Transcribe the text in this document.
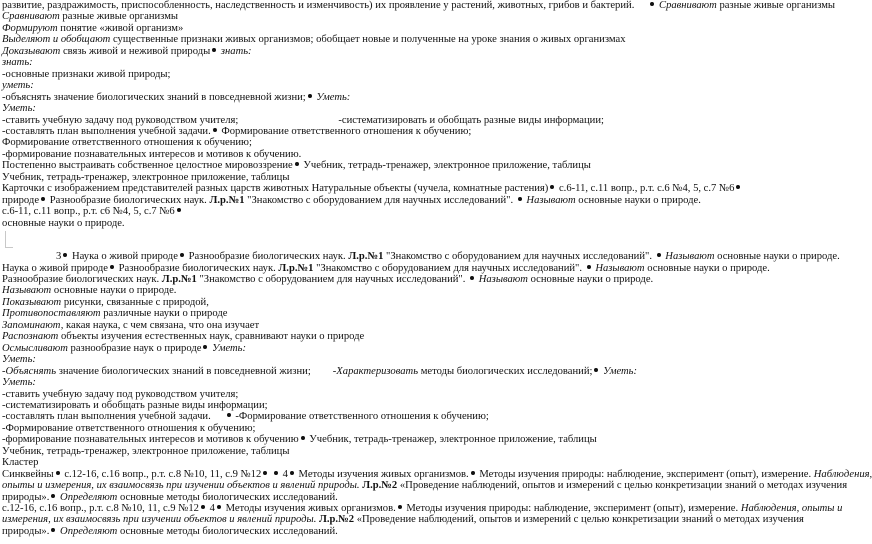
развитие, раздражимость, приспособленность, наследственность и изменчивость) их проявление у растений, животных, грибов и бактерий. Сравнивают разные живые организмы
Сравнивают разные живые организмы
Формируют понятие «живой организм»
Выделяют и обобщают существенные признаки живых организмов; обобщает новые и полученные на уроке знания о живых организмах
Доказывают связь живой и неживой природы знать:
знать:
-основные признаки живой природы;
уметь:
-объяснять значение биологических знаний в повседневной жизни; Уметь:
Уметь:
-ставить учебную задачу под руководством учителя;	-систематизировать и обобщать разные виды информации;
-составлять план выполнения учебной задачи. Формирование ответственного отношения к обучению;
Формирование ответственного отношения к обучению;
-формирование познавательных интересов и мотивов к обучению.
Постепенно выстраивать собственное целостное мировоззрение Учебник, тетрадь-тренажер, электронное приложение, таблицы
Учебник, тетрадь-тренажер, электронное приложение, таблицы
Карточки с изображением представителей разных царств животных Натуральные объекты (чучела, комнатные растения) с.6-11, с.11 вопр., р.т. с.6 №4, 5, с.7 №6
природе Разнообразие биологических наук. Л.р.№1 "Знакомство с оборудованием для научных исследований". Называют основные науки о природе.
с.6-11, с.11 вопр., р.т. с6 №4, 5, с.7 №6
основные науки о природе.
3 Наука о живой природе Разнообразие биологических наук. Л.р.№1 "Знакомство с оборудованием для научных исследований". Называют основные науки о природе.
Наука о живой природе Разнообразие биологических наук. Л.р.№1 "Знакомство с оборудованием для научных исследований". Называют основные науки о природе.
Разнообразие биологических наук. Л.р.№1 "Знакомство с оборудованием для научных исследований". Называют основные науки о природе.
Называют основные науки о природе.
Показывают рисунки, связанные с природой,
Противопоставляют различные науки о природе
Запоминают, какая наука, с чем связана, что она изучает
Распознают объекты изучения естественных наук, сравнивают науки о природе
Осмысливают разнообразие наук о природе Уметь:
Уметь:
-Объяснять значение биологических знаний в повседневной жизни; -Характеризовать методы биологических исследований; Уметь:
Уметь:
-ставить учебную задачу под руководством учителя;
-систематизировать и обобщать разные виды информации;
-составлять план выполнения учебной задачи. -Формирование ответственного отношения к обучению;
-Формирование ответственного отношения к обучению;
-формирование познавательных интересов и мотивов к обучению Учебник, тетрадь-тренажер, электронное приложение, таблицы
Учебник, тетрадь-тренажер, электронное приложение, таблицы
Кластер
Синквейны с.12-16, с.16 вопр., р.т. с.8 №10, 11, с.9 №12 4 Методы изучения живых организмов. Методы изучения природы: наблюдение, эксперимент (опыт), измерение. Наблюдения,
опыты и измерения, их взаимосвязь при изучении объектов и явлений природы. Л.р.№2 «Проведение наблюдений, опытов и измерений с целью конкретизации знаний о методах изучения
природы». Определяют основные методы биологических исследований.
с.12-16, с.16 вопр., р.т. с.8 №10, 11, с.9 №12 4 Методы изучения живых организмов. Методы изучения природы: наблюдение, эксперимент (опыт), измерение. Наблюдения, опыты и
измерения, их взаимосвязь при изучении объектов и явлений природы. Л.р.№2 «Проведение наблюдений, опытов и измерений с целью конкретизации знаний о методах изучения
природы». Определяют основные методы биологических исследований.
